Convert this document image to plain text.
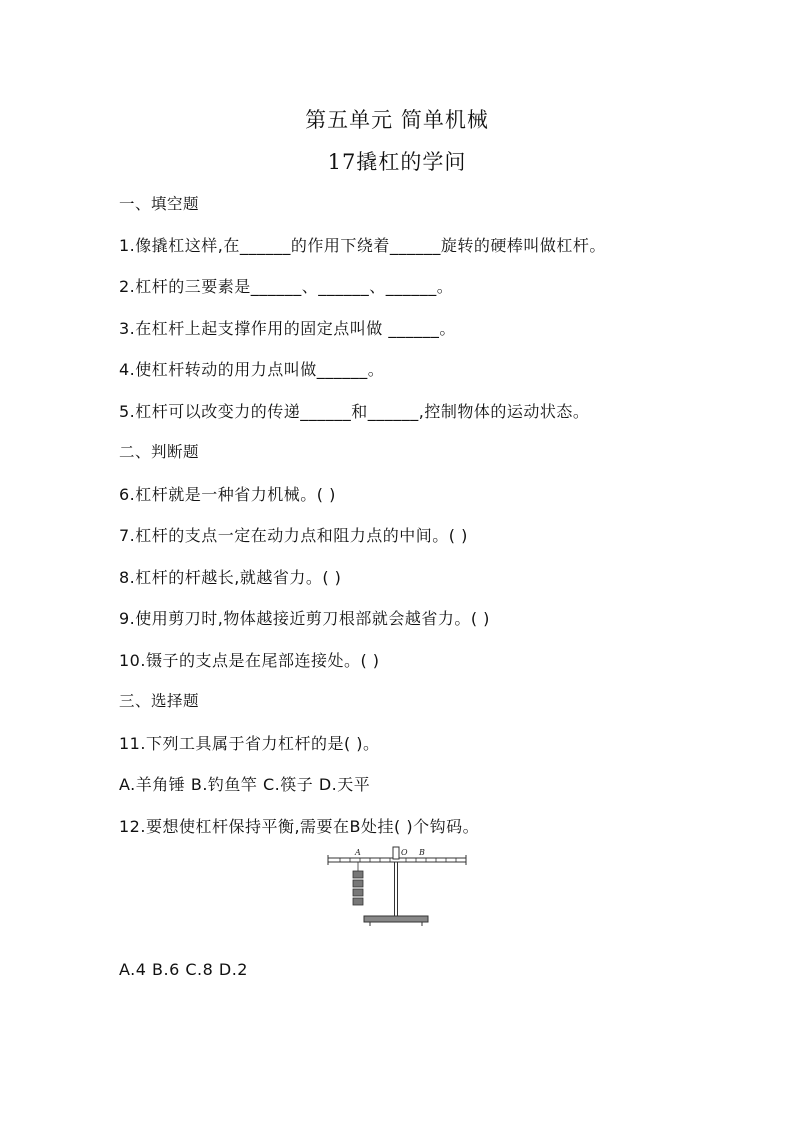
第五单元 简单机械
17撬杠的学问
一、填空题
1.像撬杠这样,在______的作用下绕着______旋转的硬棒叫做杠杆。
2.杠杆的三要素是______、______、______。
3.在杠杆上起支撑作用的固定点叫做 ______。
4.使杠杆转动的用力点叫做______。
5.杠杆可以改变力的传递______和______,控制物体的运动状态。
二、判断题
6.杠杆就是一种省力机械。( )
7.杠杆的支点一定在动力点和阻力点的中间。( )
8.杠杆的杆越长,就越省力。( )
9.使用剪刀时,物体越接近剪刀根部就会越省力。( )
10.镊子的支点是在尾部连接处。( )
三、选择题
11.下列工具属于省力杠杆的是( )。
A.羊角锤 B.钓鱼竿 C.筷子 D.天平
12.要想使杠杆保持平衡,需要在B处挂( )个钩码。
A	O B
A.4 B.6 C.8 D.2
